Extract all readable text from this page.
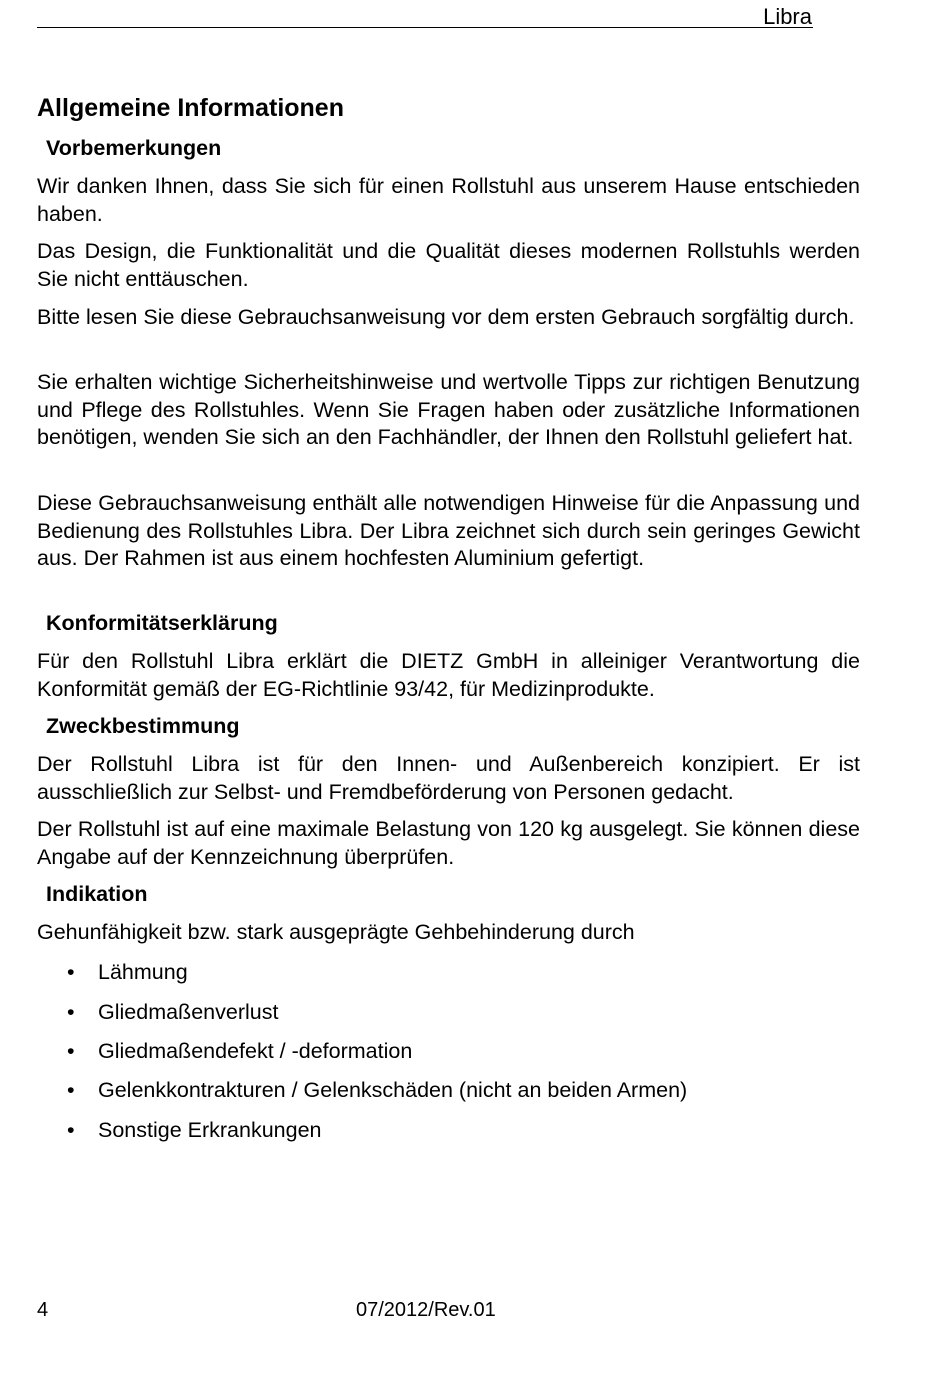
Libra
Allgemeine Informationen
Vorbemerkungen

Wir danken Ihnen, dass Sie sich für einen Rollstuhl aus unserem Hause entschieden haben.

Das Design, die Funktionalität und die Qualität dieses modernen Rollstuhls werden Sie nicht enttäuschen.

Bitte lesen Sie diese Gebrauchsanweisung vor dem ersten Gebrauch sorgfältig durch.

Sie erhalten wichtige Sicherheitshinweise und wertvolle Tipps zur richtigen Benutzung und Pflege des Rollstuhles. Wenn Sie Fragen haben oder zusätzliche Informationen benötigen, wenden Sie sich an den Fachhändler, der Ihnen den Rollstuhl geliefert hat.

Diese Gebrauchsanweisung enthält alle notwendigen Hinweise für die Anpassung und Bedienung des Rollstuhles Libra. Der Libra zeichnet sich durch sein geringes Gewicht aus. Der Rahmen ist aus einem hochfesten Aluminium gefertigt.

Konformitätserklärung

Für den Rollstuhl Libra erklärt die DIETZ GmbH in alleiniger Verantwortung die Konformität gemäß der EG-Richtlinie 93/42, für Medizinprodukte.

Zweckbestimmung

Der Rollstuhl Libra ist für den Innen- und Außenbereich konzipiert. Er ist ausschließlich zur Selbst- und Fremdbeförderung von Personen gedacht.

Der Rollstuhl ist auf eine maximale Belastung von 120 kg ausgelegt. Sie können diese Angabe auf der Kennzeichnung überprüfen.

Indikation

Gehunfähigkeit bzw. stark ausgeprägte Gehbehinderung durch

• Lähmung
• Gliedmaßenverlust
• Gliedmaßendefekt / -deformation
• Gelenkkontrakturen / Gelenkschäden (nicht an beiden Armen)
• Sonstige Erkrankungen
4	07/2012/Rev.01
